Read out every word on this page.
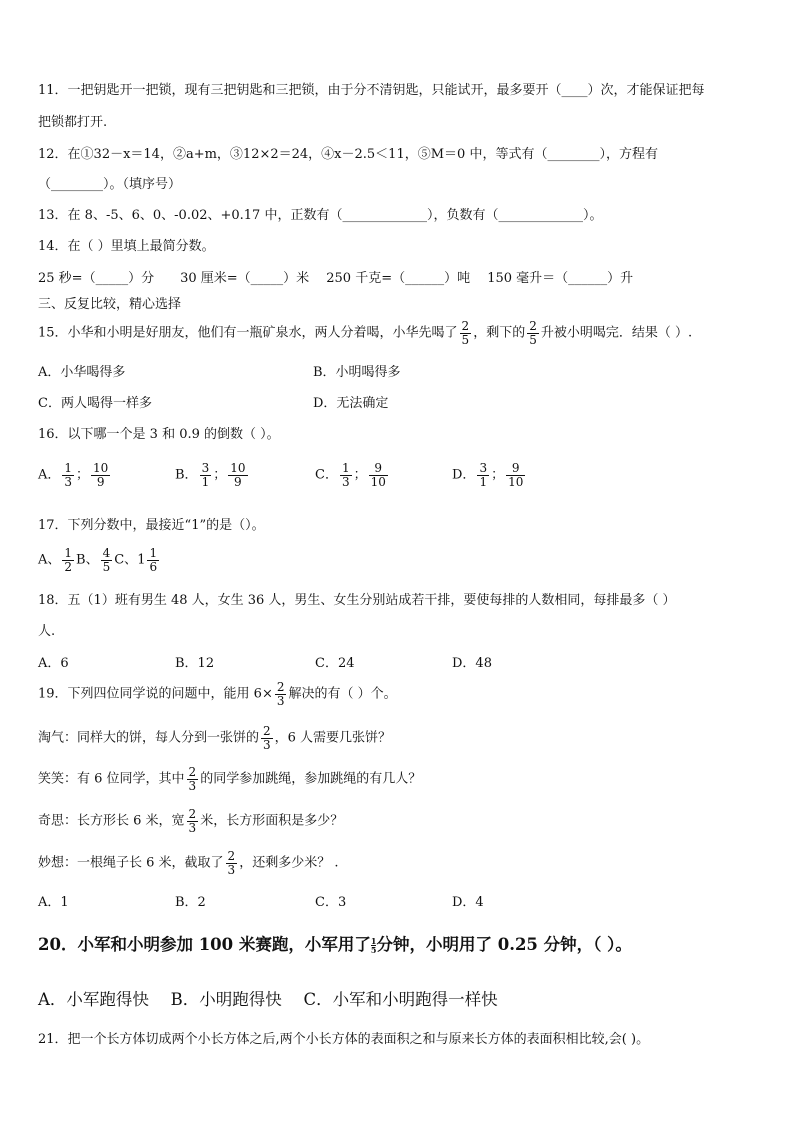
11．一把钥匙开一把锁，现有三把钥匙和三把锁，由于分不清钥匙，只能试开，最多要开（____）次，才能保证把每
把锁都打开.
12．在①32－x＝14，②a+m，③12×2＝24，④x－2.5＜11，⑤M＝0 中，等式有（________），方程有
（________）。（填序号）
13．在 8、-5、6、0、-0.02、+0.17 中，正数有（_____________），负数有（_____________）。
14．在（ ）里填上最简分数。
25 秒=（_____）分　　30 厘米=（_____）米　 250 千克=（______）吨　 150 毫升＝（______）升
三、反复比较，精心选择
15．小华和小明是好朋友，他们有一瓶矿泉水，两人分着喝，小华先喝了 $\frac{2}{5}$ ，剩下的 $\frac{2}{5}$ 升被小明喝完．结果（ ）.
A．小华喝得多	B．小明喝得多
C．两人喝得一样多	D．无法确定
16．以下哪一个是 3 和 0.9 的倒数（ ）。
A． $\frac{1}{3}$ ； $\frac{10}{9}$	B． $\frac{3}{1}$ ； $\frac{10}{9}$	C． $\frac{1}{3}$ ； $\frac{9}{10}$	D． $\frac{3}{1}$ ； $\frac{9}{10}$
17．下列分数中，最接近“1”的是（）。
A、 $\frac{1}{2}$ B、 $\frac{4}{5}$ C、$1 \frac{1}{6}$
18．五（1）班有男生 48 人，女生 36 人，男生、女生分别站成若干排，要使每排的人数相同，每排最多（ ）
人.
A．6	B．12	C．24	D．48
19．下列四位同学说的问题中，能用 $6\times \frac{2}{3}$ 解决的有（ ）个。
淘气：同样大的饼，每人分到一张饼的 $\frac{2}{3}$ ，6 人需要几张饼？
笑笑：有 6 位同学，其中 $\frac{2}{3}$ 的同学参加跳绳，参加跳绳的有几人？
奇思：长方形长 6 米，宽 $\frac{2}{3}$ 米，长方形面积是多少？
妙想：一根绳子长 6 米，截取了 $\frac{2}{3}$ ，还剩多少米？ .
A．1	B．2	C．3	D．4
20．小军和小明参加 100 米赛跑，小军用了 $\frac{1}{5}$ 分钟，小明用了 0.25 分钟，（ ）。
A．小军跑得快　 B．小明跑得快　 C．小军和小明跑得一样快
21．把一个长方体切成两个小长方体之后,两个小长方体的表面积之和与原来长方体的表面积相比较,会( )。
